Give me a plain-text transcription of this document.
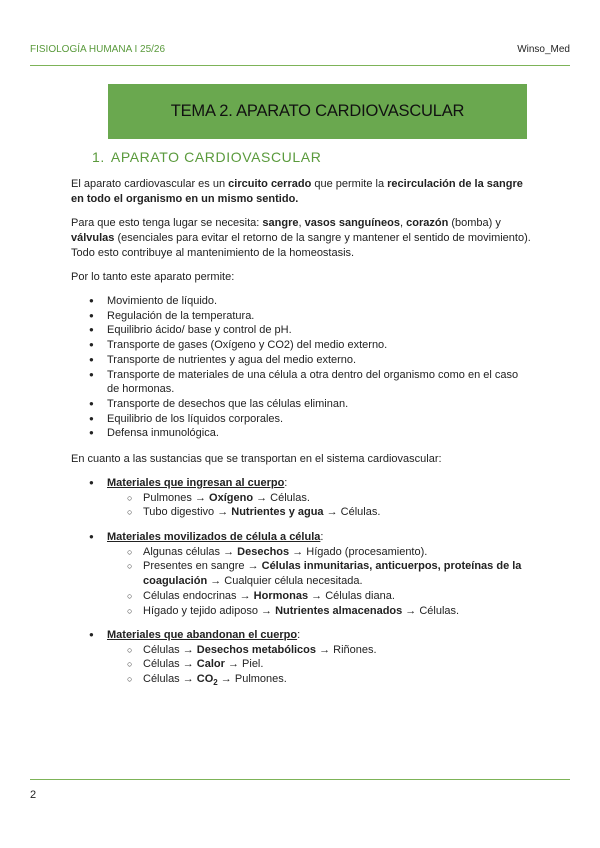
FISIOLOGÍA HUMANA I 25/26	Winso_Med
TEMA 2. APARATO CARDIOVASCULAR
1. APARATO CARDIOVASCULAR
El aparato cardiovascular es un circuito cerrado que permite la recirculación de la sangre en todo el organismo en un mismo sentido.
Para que esto tenga lugar se necesita: sangre, vasos sanguíneos, corazón (bomba) y válvulas (esenciales para evitar el retorno de la sangre y mantener el sentido de movimiento). Todo esto contribuye al mantenimiento de la homeostasis.
Por lo tanto este aparato permite:
● Movimiento de líquido.
● Regulación de la temperatura.
● Equilibrio ácido/ base y control de pH.
● Transporte de gases (Oxígeno y CO2) del medio externo.
● Transporte de nutrientes y agua del medio externo.
● Transporte de materiales de una célula a otra dentro del organismo como en el caso de hormonas.
● Transporte de desechos que las células eliminan.
● Equilibrio de los líquidos corporales.
● Defensa inmunológica.
En cuanto a las sustancias que se transportan en el sistema cardiovascular:
● Materiales que ingresan al cuerpo:
○ Pulmones → Oxígeno → Células.
○ Tubo digestivo → Nutrientes y agua → Células.
● Materiales movilizados de célula a célula:
○ Algunas células → Desechos → Hígado (procesamiento).
○ Presentes en sangre → Células inmunitarias, anticuerpos, proteínas de la coagulación → Cualquier célula necesitada.
○ Células endocrinas → Hormonas → Células diana.
○ Hígado y tejido adiposo → Nutrientes almacenados → Células.
● Materiales que abandonan el cuerpo:
○ Células → Desechos metabólicos → Riñones.
○ Células → Calor → Piel.
○ Células → $CO_2$ → Pulmones.
2
